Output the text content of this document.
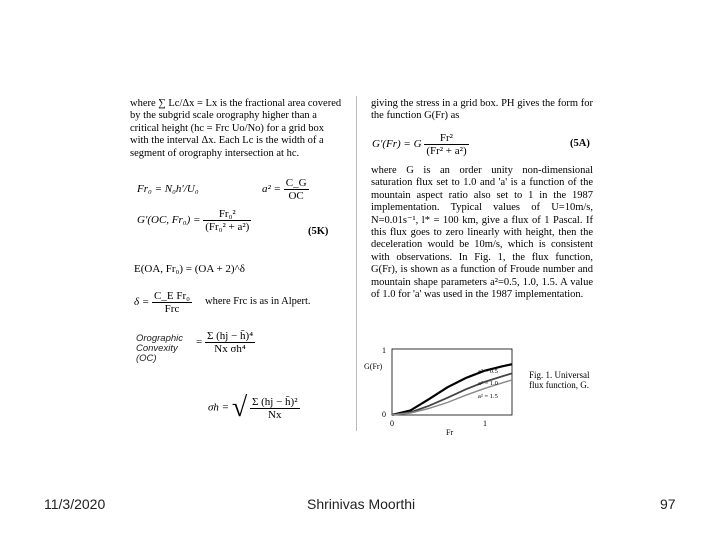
where ∑ Lc/Δx = Lx is the fractional area covered by the subgrid scale orography higher than a critical height (hc = Frc Uo/No) for a grid box with the interval Δx. Each Lc is the width of a segment of orography intersection at hc.

Fr₀ = N₀h′/U₀	$a^2 = \frac{C\_G}{OC}$
G′(OC, $Fr_0) = \frac{\text{Fr₀²}}{\text{(Fr₀² + a²)}}$	(5K)
E(OA, Fr₀) = (OA + 2)^δ
$\delta = \frac{\text{C\_E Fr₀}}{\text{Frc}}$ where Frc is as in Alpert.
Orographic Convexity (OC)
= $\frac{\text{Σ (hj − h̄)⁴}}{\text{Nx σh⁴}}$
σh = √ $\frac{\text{Σ (hj − h̄)²}}{Nx}$

giving the stress in a grid box. PH gives the form for the function G(Fr) as

G′(Fr) = G $\frac{\text{Fr²}}{\text{(Fr² + a²)}}$	(5A)

where G is an order unity non-dimensional saturation flux set to 1.0 and 'a' is a function of the mountain aspect ratio also set to 1 in the 1987 implementation. Typical values of U=10m/s, N=0.01s⁻¹, l* = 100 km, give a flux of 1 Pascal. If this flux goes to zero linearly with height, then the deceleration would be 10m/s, which is consistent with observations. In Fig. 1, the flux function, G(Fr), is shown as a function of Froude number and mountain shape parameters a²=0.5, 1.0, 1.5. A value of 1.0 for 'a' was used in the 1987 implementation.

G(Fr)
Fr
1
0
0	1
a² = 0.5
a² = 1.0
a² = 1.5
Fig. 1. Universal flux function, G.
11/3/2020	Shrinivas Moorthi	97
